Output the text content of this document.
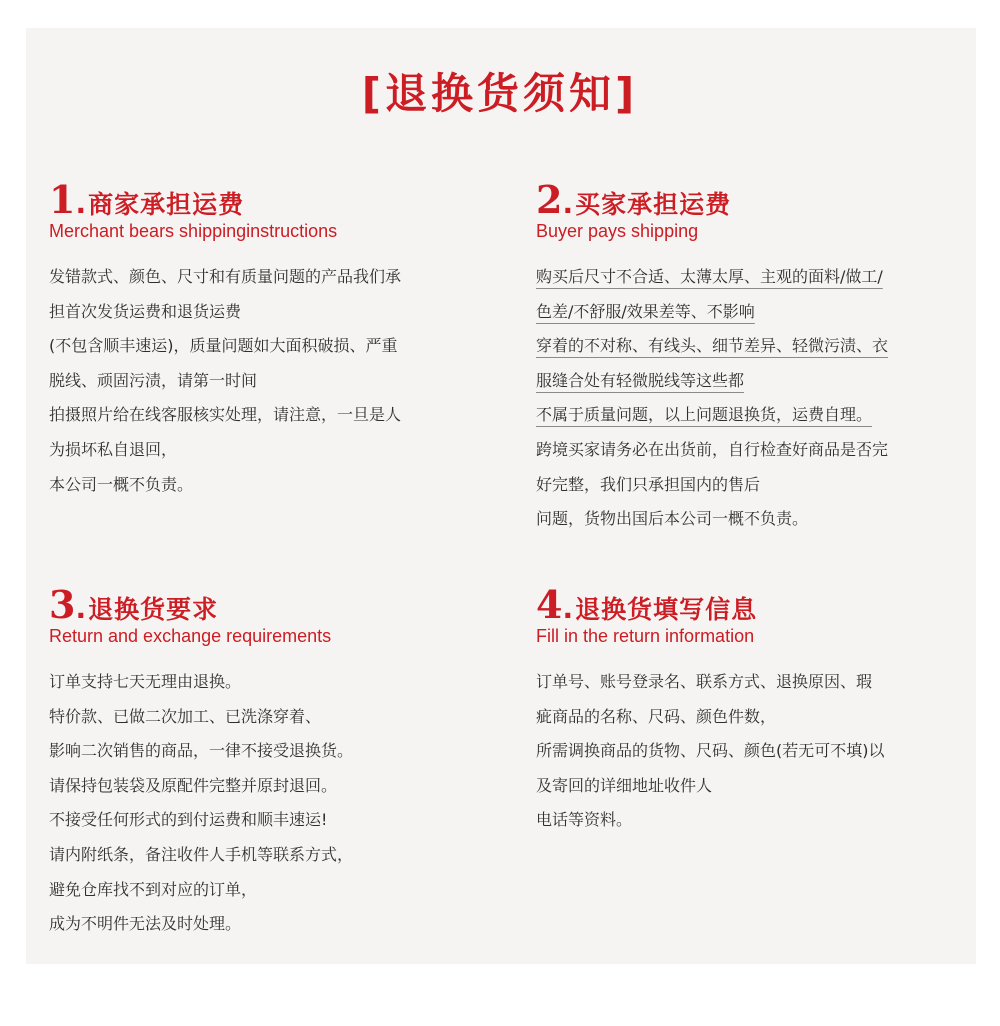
[退换货须知]
1 . 商家承担运费
Merchant bears shippinginstructions
发错款式、颜色、尺寸和有质量问题的产品我们承
担首次发货运费和退货运费
(不包含顺丰速运)，质量问题如大面积破损、严重
脱线、顽固污渍，请第一时间
拍摄照片给在线客服核实处理，请注意，一旦是人
为损坏私自退回，
本公司一概不负责。
2 . 买家承担运费
Buyer pays shipping
购买后尺寸不合适、太薄太厚、主观的面料/做工/
色差/不舒服/效果差等、不影响
穿着的不对称、有线头、细节差异、轻微污渍、衣
服缝合处有轻微脱线等这些都
不属于质量问题，以上问题退换货，运费自理。
跨境买家请务必在出货前，自行检查好商品是否完
好完整，我们只承担国内的售后
问题，货物出国后本公司一概不负责。
3 . 退换货要求
Return and exchange requirements
订单支持七天无理由退换。
特价款、已做二次加工、已洗涤穿着、
影响二次销售的商品，一律不接受退换货。
请保持包装袋及原配件完整并原封退回。
不接受任何形式的到付运费和顺丰速运!
请内附纸条，备注收件人手机等联系方式，
避免仓库找不到对应的订单，
成为不明件无法及时处理。
4 . 退换货填写信息
Fill in the return information
订单号、账号登录名、联系方式、退换原因、瑕
疵商品的名称、尺码、颜色件数，
所需调换商品的货物、尺码、颜色(若无可不填)以
及寄回的详细地址收件人
电话等资料。
